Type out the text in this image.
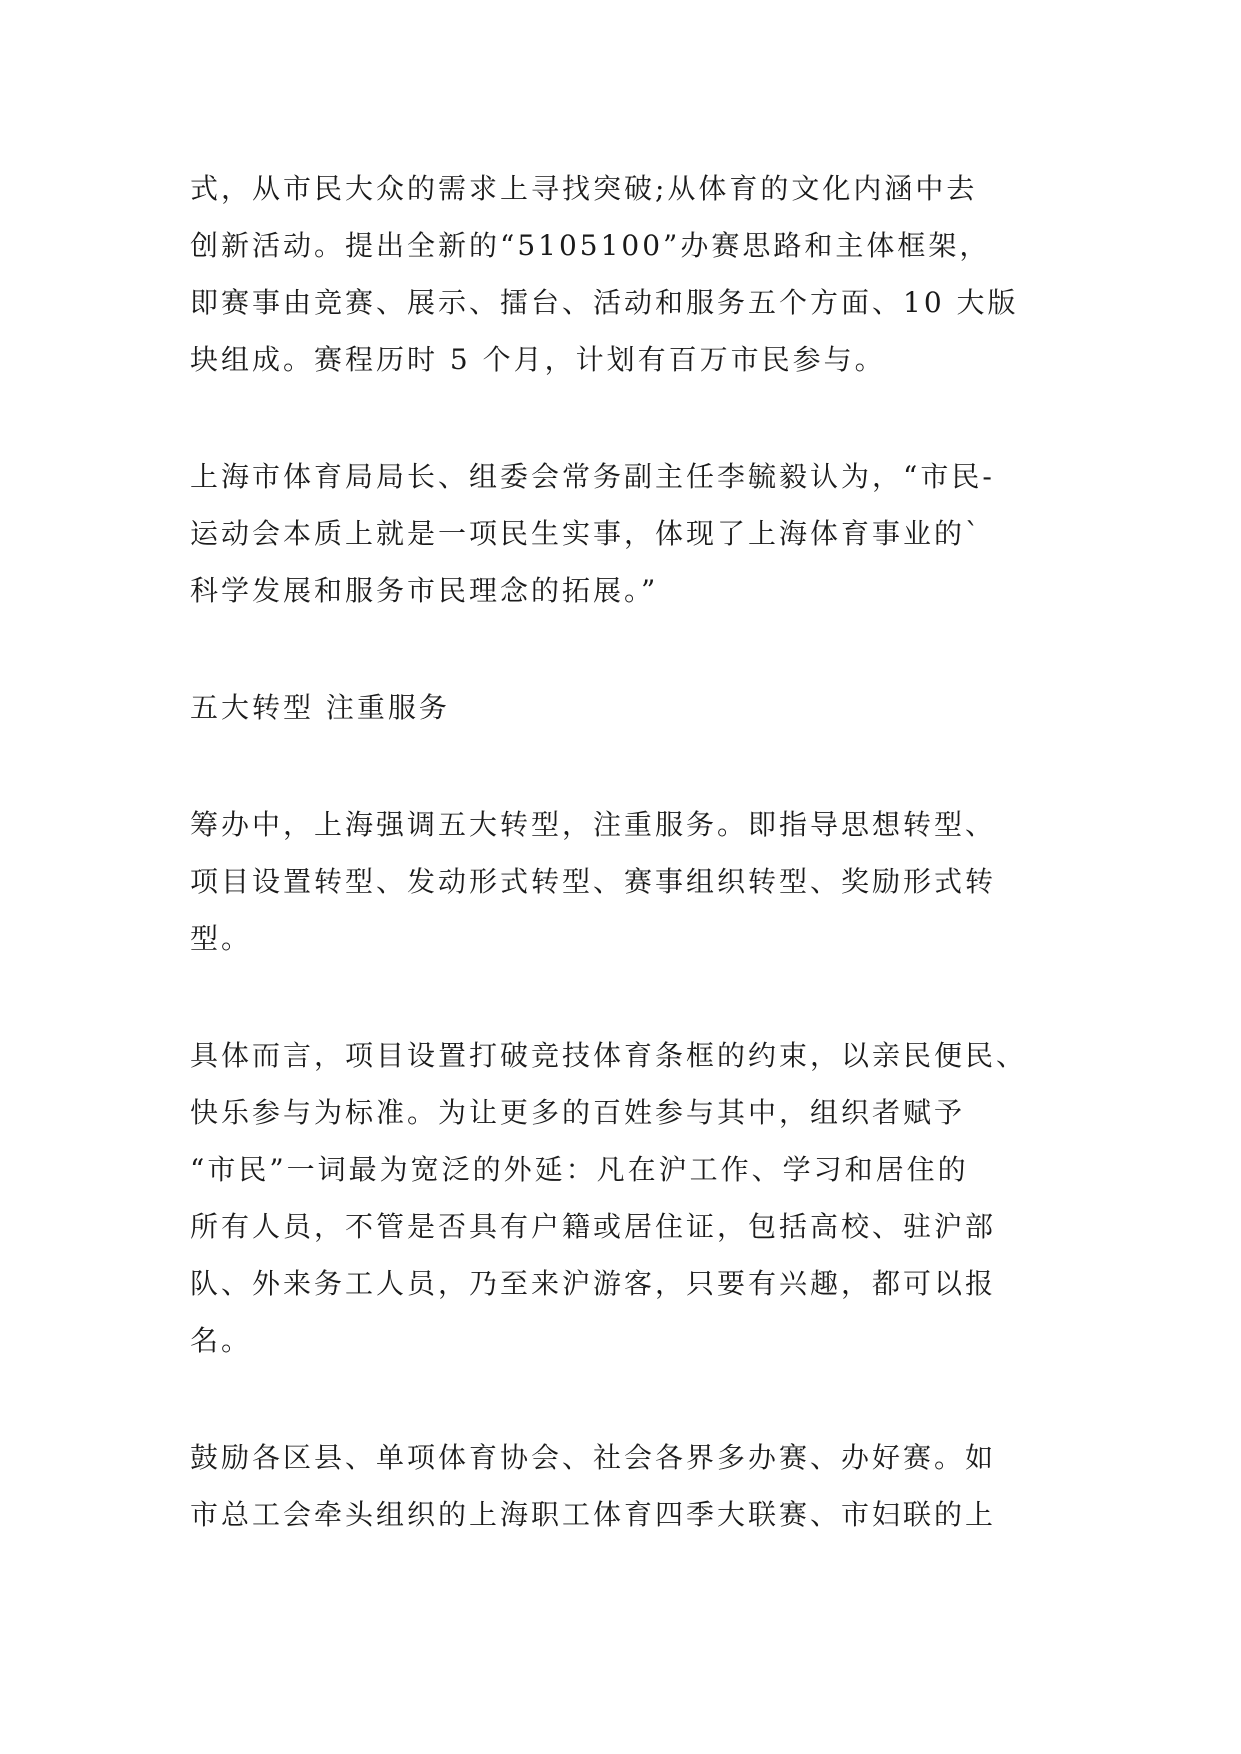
式，从市民大众的需求上寻找突破;从体育的文化内涵中去
创新活动。提出全新的“5105100”办赛思路和主体框架，
即赛事由竞赛、展示、擂台、活动和服务五个方面、10 大版
块组成。赛程历时 5 个月，计划有百万市民参与。
上海市体育局局长、组委会常务副主任李毓毅认为，“市民-
运动会本质上就是一项民生实事，体现了上海体育事业的`
科学发展和服务市民理念的拓展。”
五大转型 注重服务
筹办中，上海强调五大转型，注重服务。即指导思想转型、
项目设置转型、发动形式转型、赛事组织转型、奖励形式转
型。
具体而言，项目设置打破竞技体育条框的约束，以亲民便民、
快乐参与为标准。为让更多的百姓参与其中，组织者赋予
“市民”一词最为宽泛的外延：凡在沪工作、学习和居住的
所有人员，不管是否具有户籍或居住证，包括高校、驻沪部
队、外来务工人员，乃至来沪游客，只要有兴趣，都可以报
名。
鼓励各区县、单项体育协会、社会各界多办赛、办好赛。如
市总工会牵头组织的上海职工体育四季大联赛、市妇联的上
